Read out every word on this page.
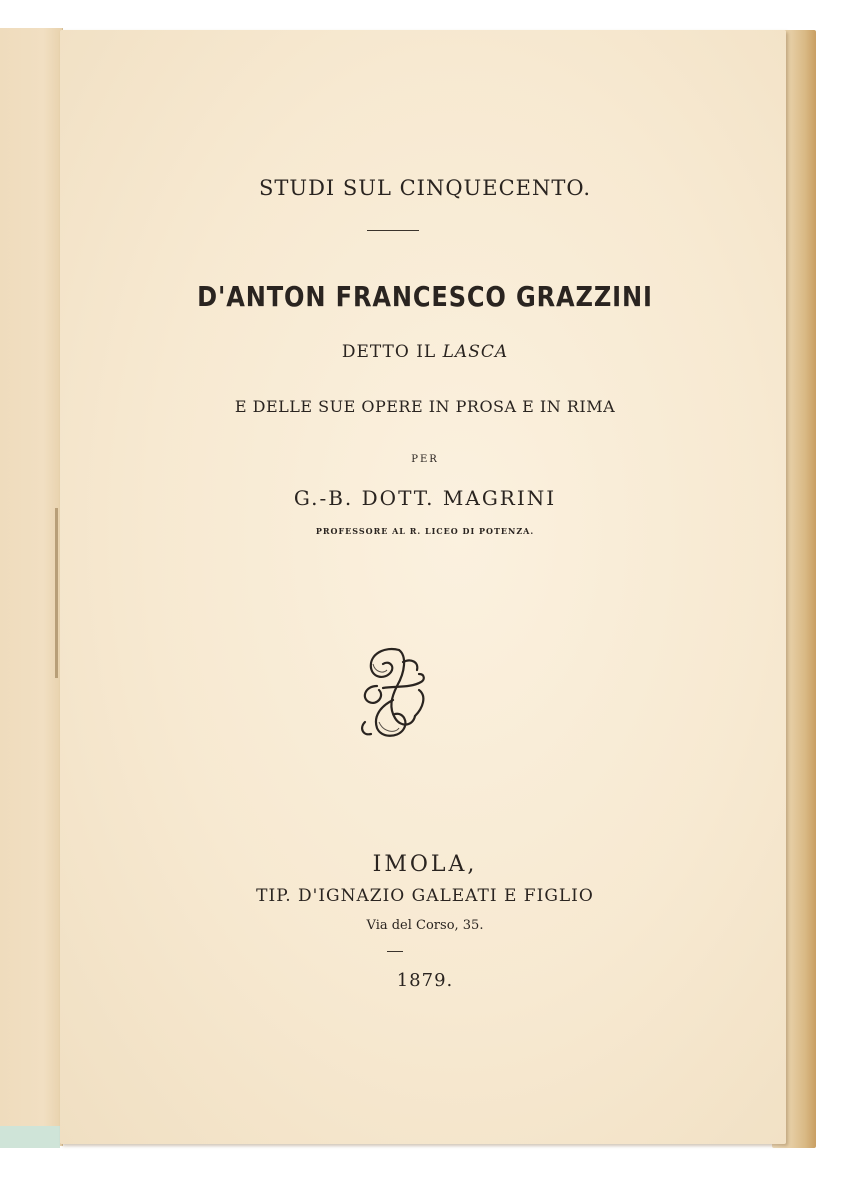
STUDI SUL CINQUECENTO.
D'ANTON FRANCESCO GRAZZINI
DETTO IL LASCA
E DELLE SUE OPERE IN PROSA E IN RIMA
PER
G.-B. DOTT. MAGRINI
PROFESSORE AL R. LICEO DI POTENZA.
IMOLA,
TIP. D'IGNAZIO GALEATI E FIGLIO
Via del Corso, 35.
1879.
